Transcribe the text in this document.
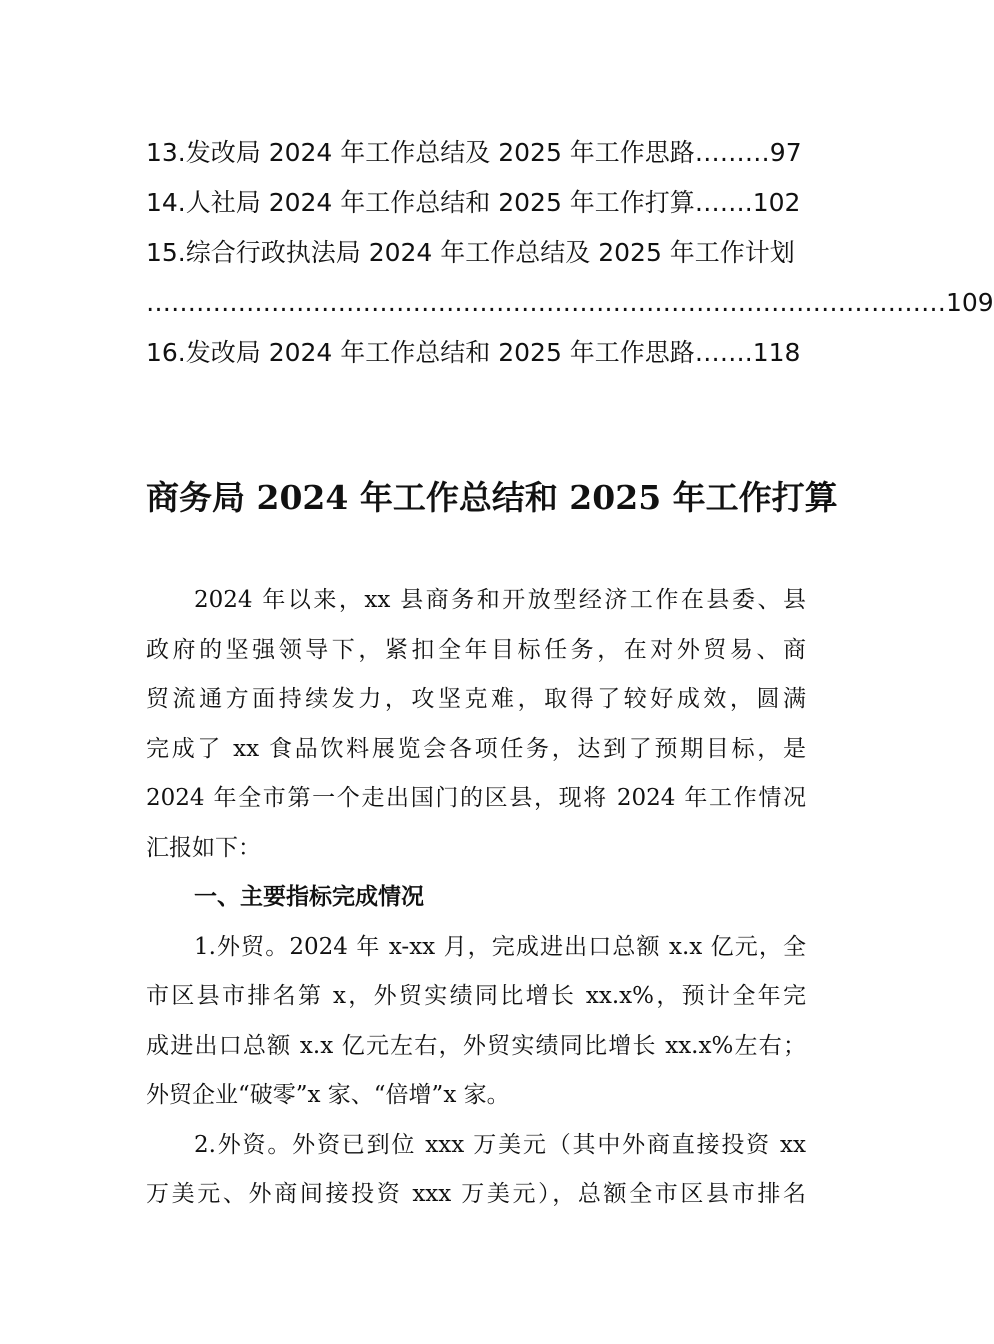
13.发改局 2024 年工作总结及 2025 年工作思路………97
14.人社局 2024 年工作总结和 2025 年工作打算…….102
15.综合行政执法局 2024 年工作总结及 2025 年工作计划
…………………………………………………………………………………… 109
16.发改局 2024 年工作总结和 2025 年工作思路…….118
商务局 2024 年工作总结和 2025 年工作打算
2024 年以来，xx 县商务和开放型经济工作在县委、县
政府的坚强领导下，紧扣全年目标任务，在对外贸易、商
贸流通方面持续发力，攻坚克难，取得了较好成效，圆满
完成了 xx 食品饮料展览会各项任务，达到了预期目标，是
2024 年全市第一个走出国门的区县，现将 2024 年工作情况
汇报如下：
一、主要指标完成情况
1.外贸。2024 年 x-xx 月，完成进出口总额 x.x 亿元，全
市区县市排名第 x，外贸实绩同比增长 xx.x%，预计全年完
成进出口总额 x.x 亿元左右，外贸实绩同比增长 xx.x%左右；
外贸企业“破零”x 家、“倍增”x 家。
2.外资。外资已到位 xxx 万美元（其中外商直接投资 xx
万美元、外商间接投资 xxx 万美元），总额全市区县市排名
